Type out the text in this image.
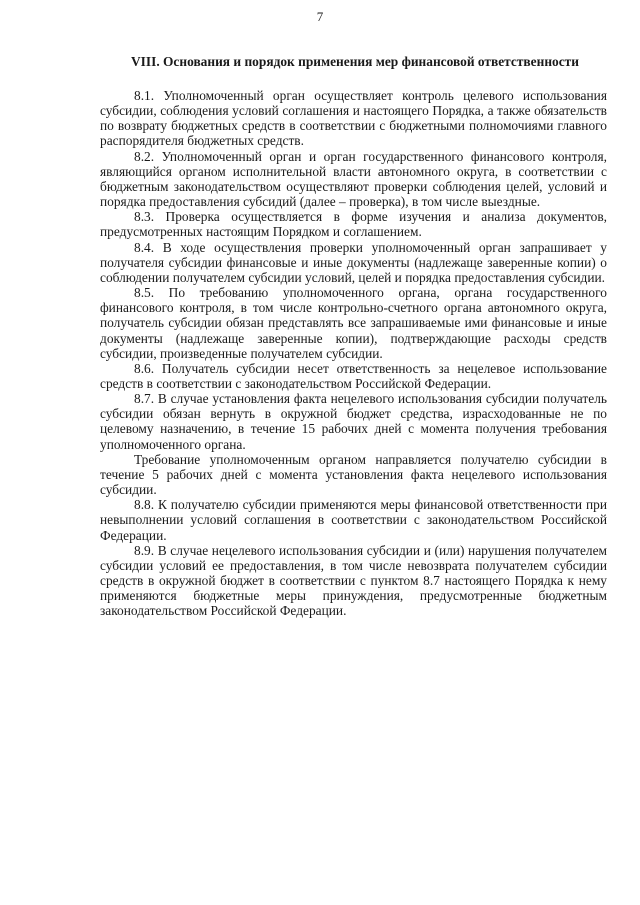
7
VIII. Основания и порядок применения мер финансовой ответственности

8.1. Уполномоченный орган осуществляет контроль целевого использования субсидии, соблюдения условий соглашения и настоящего Порядка, а также обязательств по возврату бюджетных средств в соответствии с бюджетными полномочиями главного распорядителя бюджетных средств.

8.2. Уполномоченный орган и орган государственного финансового контроля, являющийся органом исполнительной власти автономного округа, в соответствии с бюджетным законодательством осуществляют проверки соблюдения целей, условий и порядка предоставления субсидий (далее – проверка), в том числе выездные.

8.3. Проверка осуществляется в форме изучения и анализа документов, предусмотренных настоящим Порядком и соглашением.

8.4. В ходе осуществления проверки уполномоченный орган запрашивает у получателя субсидии финансовые и иные документы (надлежаще заверенные копии) о соблюдении получателем субсидии условий, целей и порядка предоставления субсидии.

8.5. По требованию уполномоченного органа, органа государственного финансового контроля, в том числе контрольно-счетного органа автономного округа, получатель субсидии обязан представлять все запрашиваемые ими финансовые и иные документы (надлежаще заверенные копии), подтверждающие расходы средств субсидии, произведенные получателем субсидии.

8.6. Получатель субсидии несет ответственность за нецелевое использование средств в соответствии с законодательством Российской Федерации.

8.7. В случае установления факта нецелевого использования субсидии получатель субсидии обязан вернуть в окружной бюджет средства, израсходованные не по целевому назначению, в течение 15 рабочих дней с момента получения требования уполномоченного органа.

Требование уполномоченным органом направляется получателю субсидии в течение 5 рабочих дней с момента установления факта нецелевого использования субсидии.

8.8. К получателю субсидии применяются меры финансовой ответственности при невыполнении условий соглашения в соответствии с законодательством Российской Федерации.

8.9. В случае нецелевого использования субсидии и (или) нарушения получателем субсидии условий ее предоставления, в том числе невозврата получателем субсидии средств в окружной бюджет в соответствии с пунктом 8.7 настоящего Порядка к нему применяются бюджетные меры принуждения, предусмотренные бюджетным законодательством Российской Федерации.
